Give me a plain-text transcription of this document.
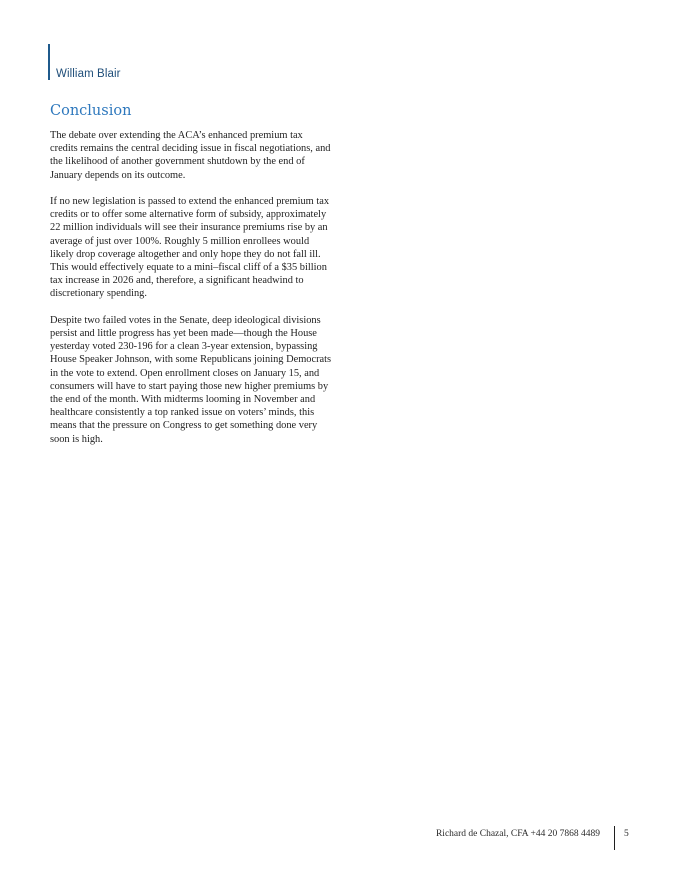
William Blair
Conclusion

The debate over extending the ACA’s enhanced premium tax credits remains the central deciding issue in fiscal negotiations, and the likelihood of another government shutdown by the end of January depends on its outcome.

If no new legislation is passed to extend the enhanced premium tax credits or to offer some alternative form of subsidy, approximately 22 million individuals will see their insurance premiums rise by an average of just over 100%. Roughly 5 million enrollees would likely drop coverage altogether and only hope they do not fall ill. This would effectively equate to a mini–fiscal cliff of a $35 billion tax increase in 2026 and, therefore, a significant headwind to discretionary spending.

Despite two failed votes in the Senate, deep ideological divisions persist and little progress has yet been made—though the House yesterday voted 230-196 for a clean 3-year extension, bypassing House Speaker Johnson, with some Republicans joining Democrats in the vote to extend. Open enrollment closes on January 15, and consumers will have to start paying those new higher premiums by the end of the month. With midterms looming in November and healthcare consistently a top ranked issue on voters’ minds, this means that the pressure on Congress to get something done very soon is high.

Richard de Chazal, CFA +44 20 7868 4489	5
